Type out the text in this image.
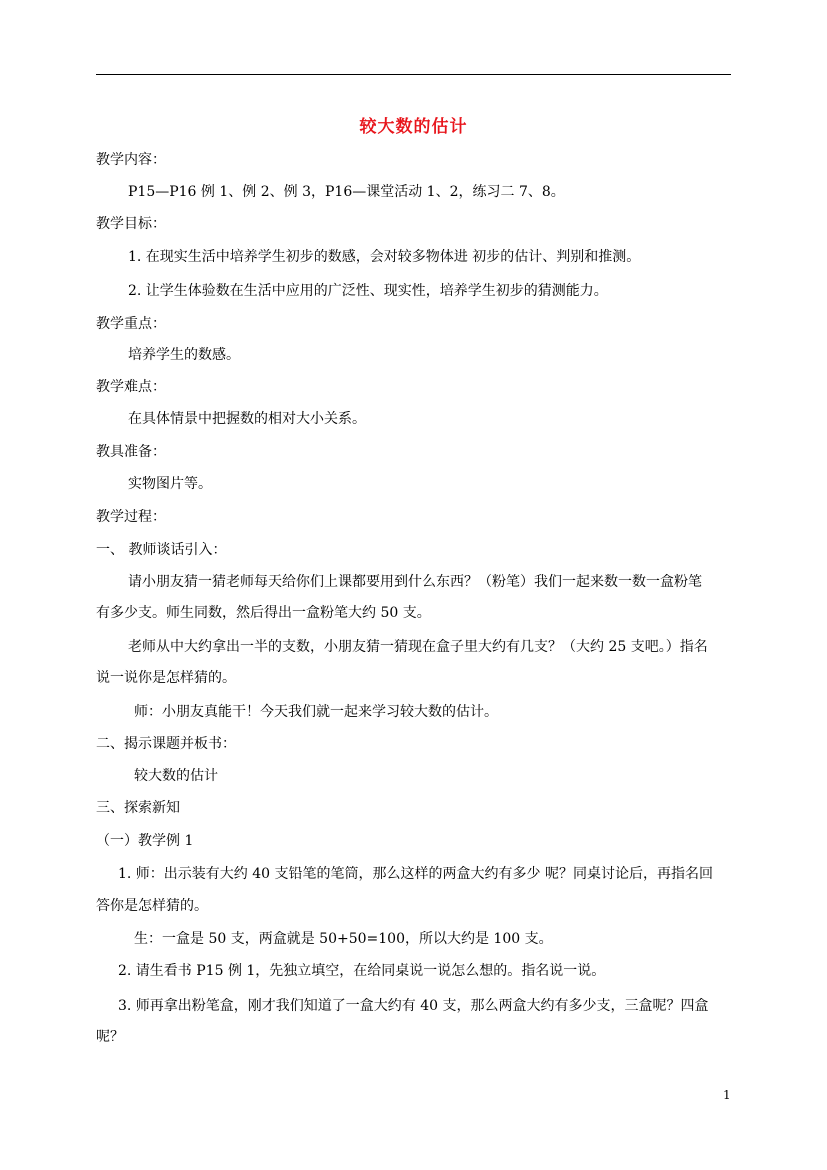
较大数的估计
教学内容：
P15—P16 例 1、例 2、例 3，P16—课堂活动 1、2，练习二 7、8。
教学目标：
1. 在现实生活中培养学生初步的数感，会对较多物体进 初步的估计、判别和推测。
2. 让学生体验数在生活中应用的广泛性、现实性，培养学生初步的猜测能力。
教学重点：
培养学生的数感。
教学难点：
在具体情景中把握数的相对大小关系。
教具准备：
实物图片等。
教学过程：
一、 教师谈话引入：
请小朋友猜一猜老师每天给你们上课都要用到什么东西？（粉笔）我们一起来数一数一盒粉笔
有多少支。师生同数，然后得出一盒粉笔大约 50 支。
老师从中大约拿出一半的支数，小朋友猜一猜现在盒子里大约有几支？（大约 25 支吧。）指名
说一说你是怎样猜的。
师：小朋友真能干！今天我们就一起来学习较大数的估计。
二、揭示课题并板书：
较大数的估计
三、探索新知
（一）教学例 1
1. 师：出示装有大约 40 支铅笔的笔筒，那么这样的两盒大约有多少 呢？同桌讨论后，再指名回
答你是怎样猜的。
生：一盒是 50 支，两盒就是 50+50=100，所以大约是 100 支。
2. 请生看书 P15 例 1，先独立填空，在给同桌说一说怎么想的。指名说一说。
3. 师再拿出粉笔盒，刚才我们知道了一盒大约有 40 支，那么两盒大约有多少支，三盒呢？四盒
呢？
1
